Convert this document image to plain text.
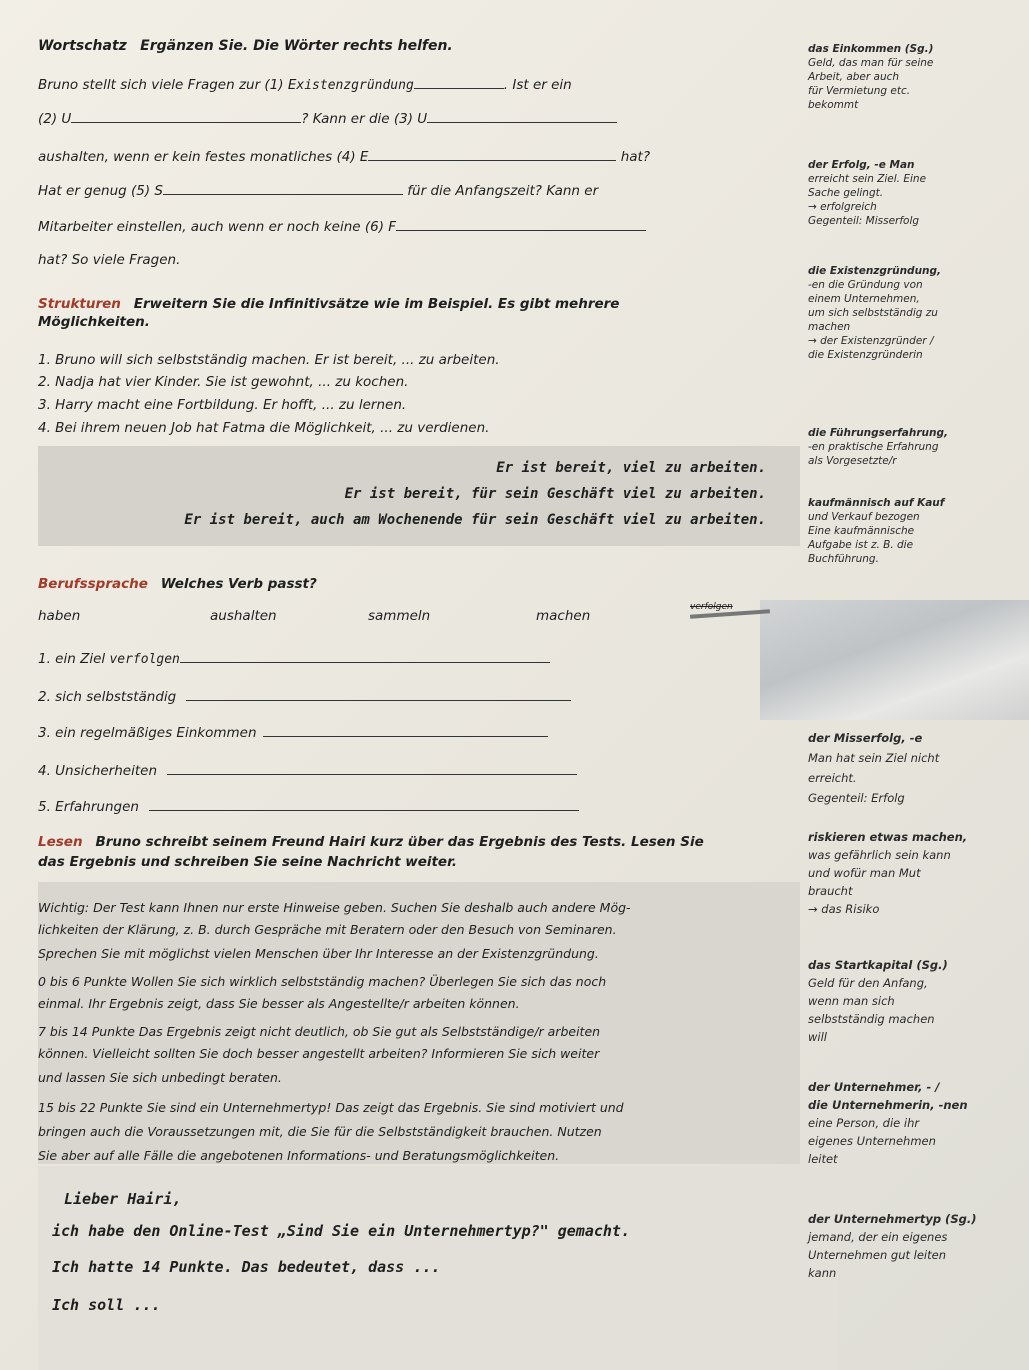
Wortschatz Ergänzen Sie. Die Wörter rechts helfen.
Bruno stellt sich viele Fragen zur (1) Existenzgründung	. Ist er ein
(2) U	? Kann er die (3) U
aushalten, wenn er kein festes monatliches (4) E	hat?
Hat er genug (5) S	für die Anfangszeit? Kann er
Mitarbeiter einstellen, auch wenn er noch keine (6) F
hat? So viele Fragen.
Strukturen Erweitern Sie die Infinitivsätze wie im Beispiel. Es gibt mehrere
Möglichkeiten.
1. Bruno will sich selbstständig machen. Er ist bereit, ... zu arbeiten.
2. Nadja hat vier Kinder. Sie ist gewohnt, ... zu kochen.
3. Harry macht eine Fortbildung. Er hofft, ... zu lernen.
4. Bei ihrem neuen Job hat Fatma die Möglichkeit, ... zu verdienen.
Er ist bereit, viel zu arbeiten.
Er ist bereit, für sein Geschäft viel zu arbeiten.
Er ist bereit, auch am Wochenende für sein Geschäft viel zu arbeiten.
Berufssprache Welches Verb passt?
haben	aushalten	sammeln	machen
verfolgen
1. ein Ziel verfolgen
2. sich selbstständig
3. ein regelmäßiges Einkommen
4. Unsicherheiten
5. Erfahrungen
Lesen Bruno schreibt seinem Freund Hairi kurz über das Ergebnis des Tests. Lesen Sie
das Ergebnis und schreiben Sie seine Nachricht weiter.
Wichtig: Der Test kann Ihnen nur erste Hinweise geben. Suchen Sie deshalb auch andere Mög-
lichkeiten der Klärung, z. B. durch Gespräche mit Beratern oder den Besuch von Seminaren.
Sprechen Sie mit möglichst vielen Menschen über Ihr Interesse an der Existenzgründung.
0 bis 6 Punkte Wollen Sie sich wirklich selbstständig machen? Überlegen Sie sich das noch
einmal. Ihr Ergebnis zeigt, dass Sie besser als Angestellte/r arbeiten können.
7 bis 14 Punkte Das Ergebnis zeigt nicht deutlich, ob Sie gut als Selbstständige/r arbeiten
können. Vielleicht sollten Sie doch besser angestellt arbeiten? Informieren Sie sich weiter
und lassen Sie sich unbedingt beraten.
15 bis 22 Punkte Sie sind ein Unternehmertyp! Das zeigt das Ergebnis. Sie sind motiviert und
bringen auch die Voraussetzungen mit, die Sie für die Selbstständigkeit brauchen. Nutzen
Sie aber auf alle Fälle die angebotenen Informations- und Beratungsmöglichkeiten.
Lieber Hairi,
ich habe den Online-Test „Sind Sie ein Unternehmertyp?" gemacht.
Ich hatte 14 Punkte. Das bedeutet, dass ...
Ich soll ...
das Einkommen (Sg.)
Geld, das man für seine
Arbeit, aber auch
für Vermietung etc.
bekommt
der Erfolg, -e Man
erreicht sein Ziel. Eine
Sache gelingt.
→ erfolgreich
Gegenteil: Misserfolg
die Existenzgründung,
-en die Gründung von
einem Unternehmen,
um sich selbstständig zu
machen
→ der Existenzgründer /
die Existenzgründerin
die Führungserfahrung,
-en praktische Erfahrung
als Vorgesetzte/r
kaufmännisch auf Kauf
und Verkauf bezogen
Eine kaufmännische
Aufgabe ist z. B. die
Buchführung.
der Misserfolg, -e
Man hat sein Ziel nicht
erreicht.
Gegenteil: Erfolg
riskieren etwas machen,
was gefährlich sein kann
und wofür man Mut
braucht
→ das Risiko
das Startkapital (Sg.)
Geld für den Anfang,
wenn man sich
selbstständig machen
will
der Unternehmer, - /
die Unternehmerin, -nen
eine Person, die ihr
eigenes Unternehmen
leitet
der Unternehmertyp (Sg.)
jemand, der ein eigenes
Unternehmen gut leiten
kann
